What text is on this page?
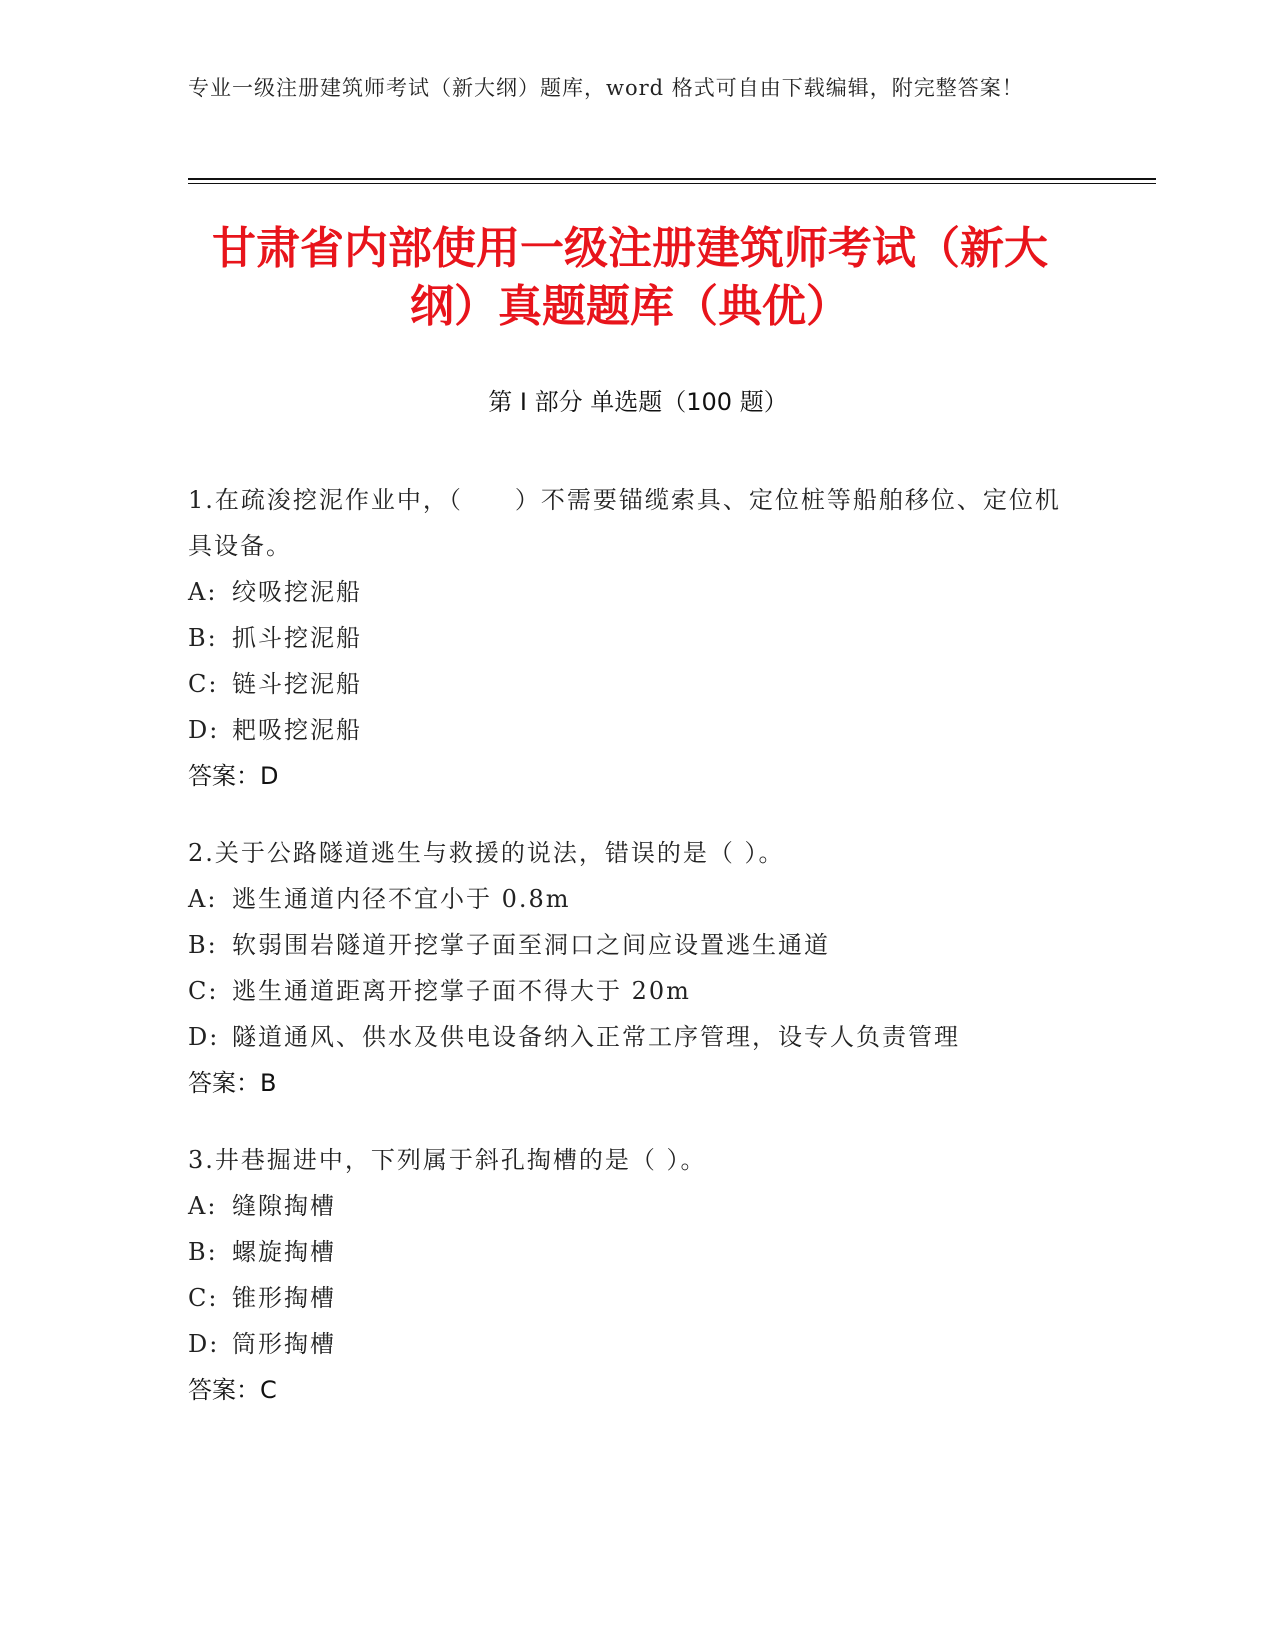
专业一级注册建筑师考试（新大纲）题库，word 格式可自由下载编辑，附完整答案！
甘肃省内部使用一级注册建筑师考试（新大
纲）真题题库（典优）
第 I 部分 单选题（100 题）
1.在疏浚挖泥作业中，（　　）不需要锚缆索具、定位桩等船舶移位、定位机具设备。
A: 绞吸挖泥船
B: 抓斗挖泥船
C: 链斗挖泥船
D: 耙吸挖泥船
答案：D
2.关于公路隧道逃生与救援的说法，错误的是（ ）。
A: 逃生通道内径不宜小于 0.8m
B: 软弱围岩隧道开挖掌子面至洞口之间应设置逃生通道
C: 逃生通道距离开挖掌子面不得大于 20m
D: 隧道通风、供水及供电设备纳入正常工序管理，设专人负责管理
答案：B
3.井巷掘进中，下列属于斜孔掏槽的是（ ）。
A: 缝隙掏槽
B: 螺旋掏槽
C: 锥形掏槽
D: 筒形掏槽
答案：C
